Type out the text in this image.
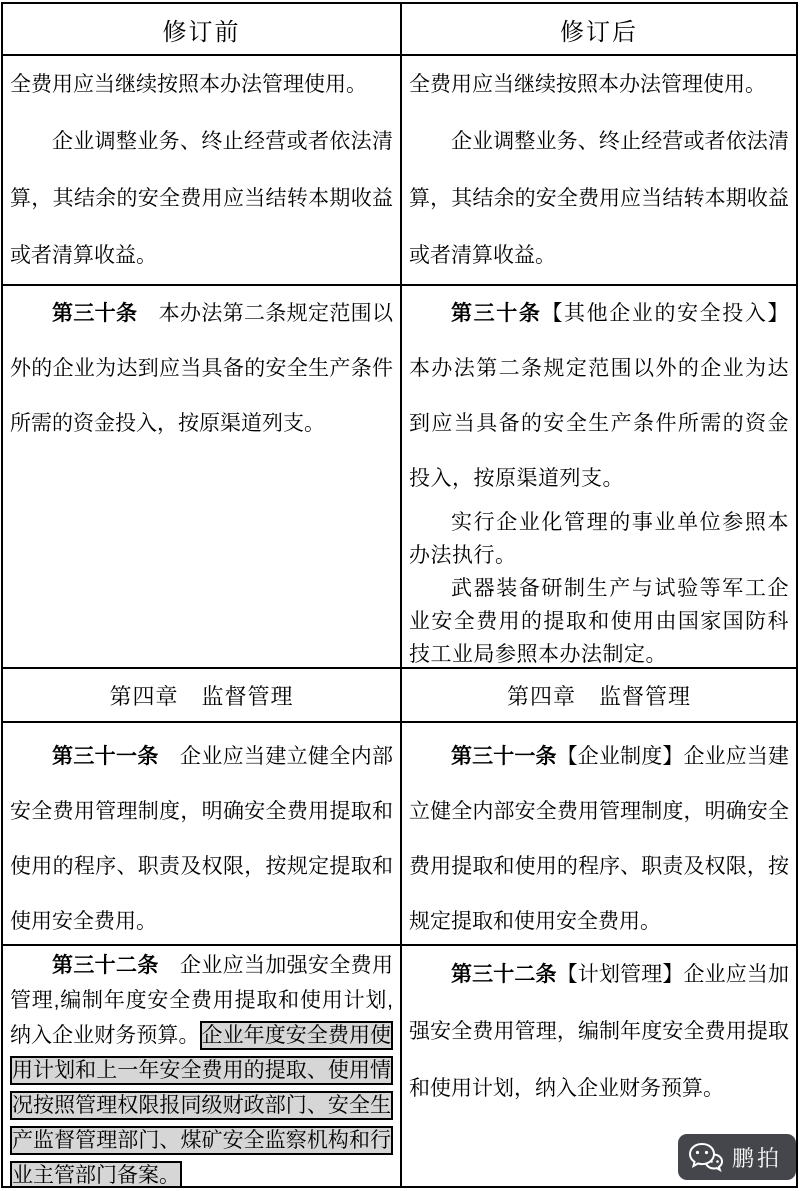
修订前	修订后

全费用应当继续按照本办法管理使用。

企业调整业务、终止经营或者依法清算，其结余的安全费用应当结转本期收益或者清算收益。

全费用应当继续按照本办法管理使用。

企业调整业务、终止经营或者依法清算，其结余的安全费用应当结转本期收益或者清算收益。

第三十条　本办法第二条规定范围以外的企业为达到应当具备的安全生产条件所需的资金投入，按原渠道列支。

第三十条【其他企业的安全投入】本办法第二条规定范围以外的企业为达到应当具备的安全生产条件所需的资金投入，按原渠道列支。

实行企业化管理的事业单位参照本办法执行。

武器装备研制生产与试验等军工企业安全费用的提取和使用由国家国防科技工业局参照本办法制定。

第四章　监督管理	第四章　监督管理

第三十一条　企业应当建立健全内部安全费用管理制度，明确安全费用提取和使用的程序、职责及权限，按规定提取和使用安全费用。

第三十一条【企业制度】企业应当建立健全内部安全费用管理制度，明确安全费用提取和使用的程序、职责及权限，按规定提取和使用安全费用。

第三十二条　企业应当加强安全费用管理,编制年度安全费用提取和使用计划,纳入企业财务预算。企业年度安全费用使用计划和上一年安全费用的提取、使用情况按照管理权限报同级财政部门、安全生产监督管理部门、煤矿安全监察机构和行业主管部门备案。

第三十二条【计划管理】企业应当加强安全费用管理，编制年度安全费用提取和使用计划，纳入企业财务预算。

鹏拍
